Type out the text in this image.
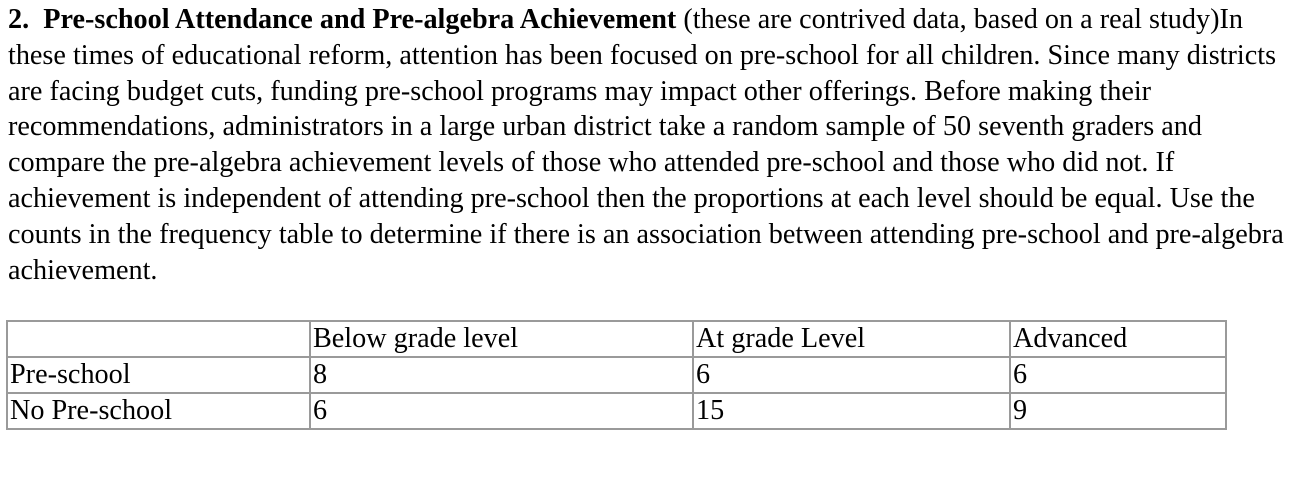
2. Pre-school Attendance and Pre-algebra Achievement (these are contrived data, based on a real study)In these times of educational reform, attention has been focused on pre-school for all children. Since many districts are facing budget cuts, funding pre-school programs may impact other offerings. Before making their recommendations, administrators in a large urban district take a random sample of 50 seventh graders and compare the pre-algebra achievement levels of those who attended pre-school and those who did not. If achievement is independent of attending pre-school then the proportions at each level should be equal. Use the counts in the frequency table to determine if there is an association between attending pre-school and pre-algebra achievement.

	Below grade level	At grade Level	Advanced
Pre-school	8	6	6
No Pre-school	6	15	9
